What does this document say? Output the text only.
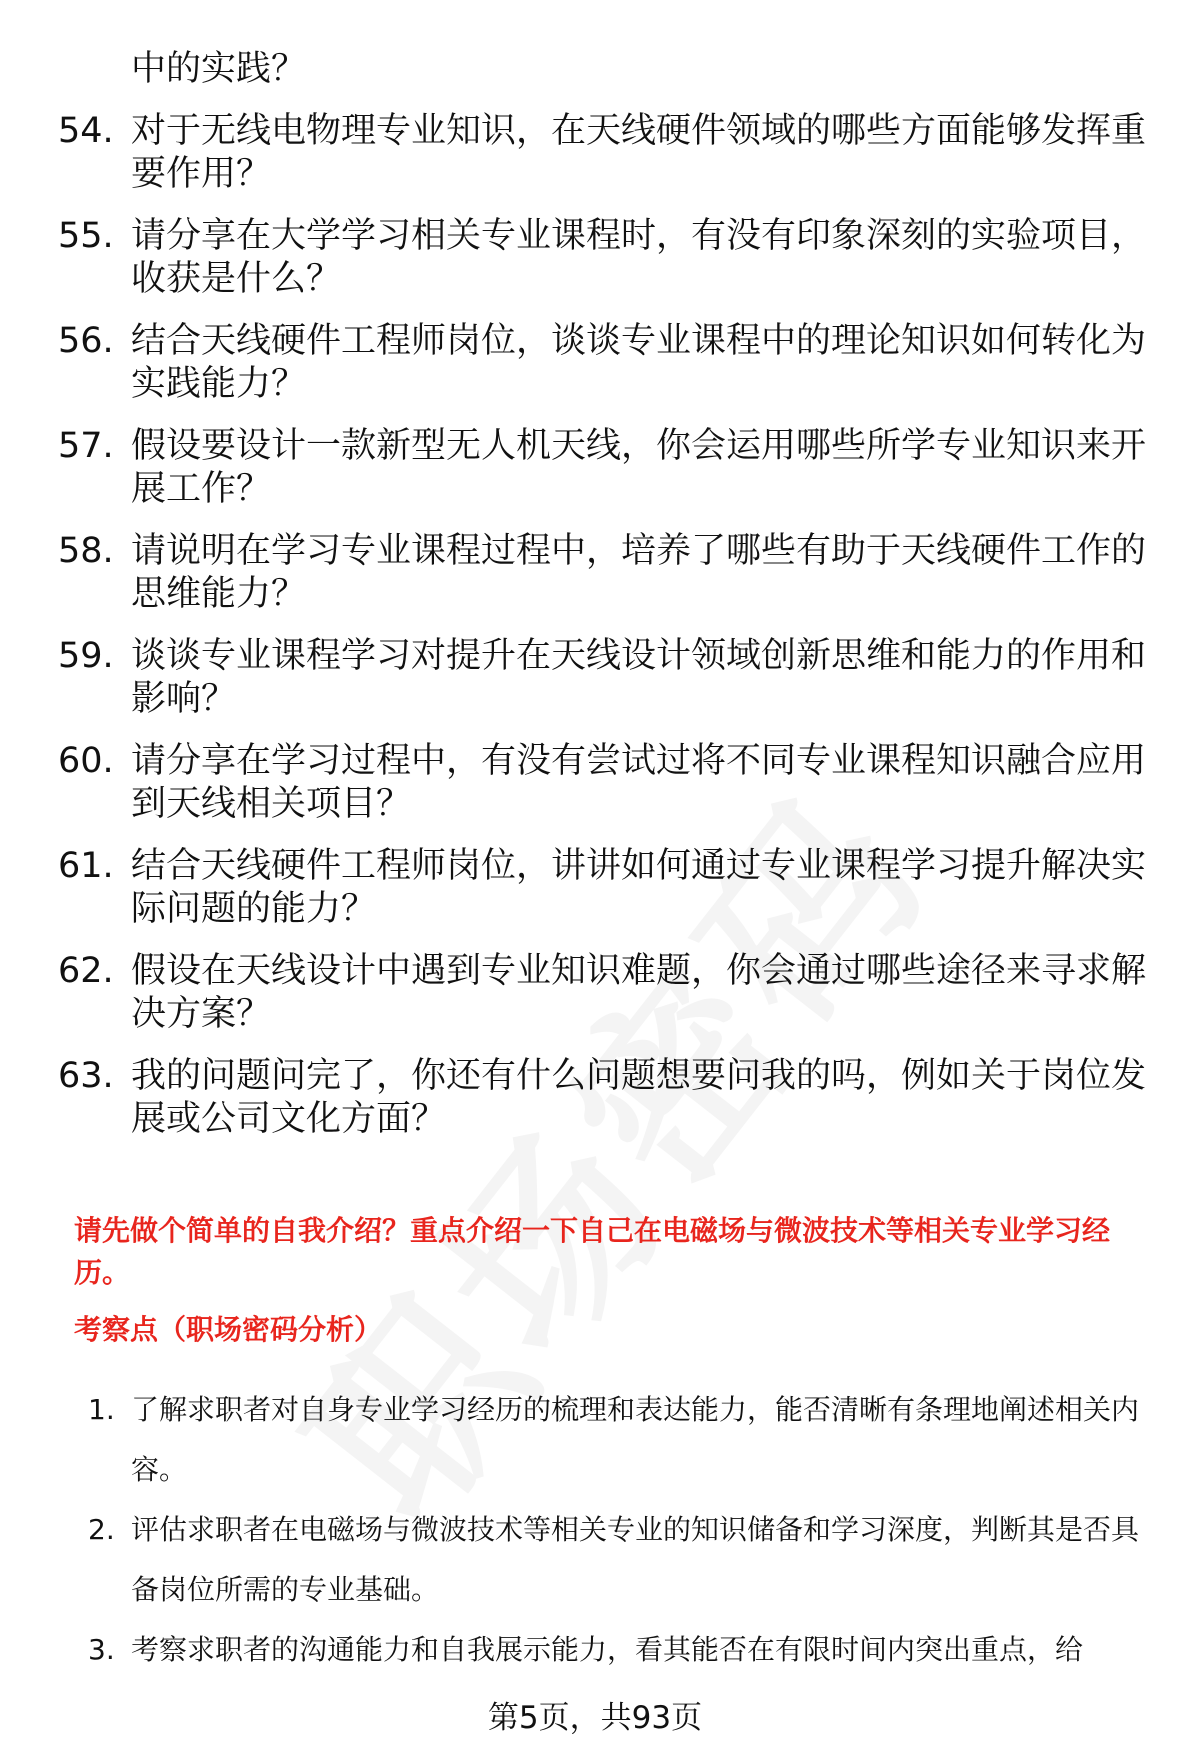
中的实践？
54. 对于无线电物理专业知识，在天线硬件领域的哪些方面能够发挥重要作用？
55. 请分享在大学学习相关专业课程时，有没有印象深刻的实验项目，收获是什么？
56. 结合天线硬件工程师岗位，谈谈专业课程中的理论知识如何转化为实践能力？
57. 假设要设计一款新型无人机天线，你会运用哪些所学专业知识来开展工作？
58. 请说明在学习专业课程过程中，培养了哪些有助于天线硬件工作的思维能力？
59. 谈谈专业课程学习对提升在天线设计领域创新思维和能力的作用和影响？
60. 请分享在学习过程中，有没有尝试过将不同专业课程知识融合应用到天线相关项目？
61. 结合天线硬件工程师岗位，讲讲如何通过专业课程学习提升解决实际问题的能力？
62. 假设在天线设计中遇到专业知识难题，你会通过哪些途径来寻求解决方案？
63. 我的问题问完了，你还有什么问题想要问我的吗，例如关于岗位发展或公司文化方面？
请先做个简单的自我介绍？重点介绍一下自己在电磁场与微波技术等相关专业学习经历。
考察点（职场密码分析）
1. 了解求职者对自身专业学习经历的梳理和表达能力，能否清晰有条理地阐述相关内容。
2. 评估求职者在电磁场与微波技术等相关专业的知识储备和学习深度，判断其是否具备岗位所需的专业基础。
3. 考察求职者的沟通能力和自我展示能力，看其能否在有限时间内突出重点，给
第5页，共93页
